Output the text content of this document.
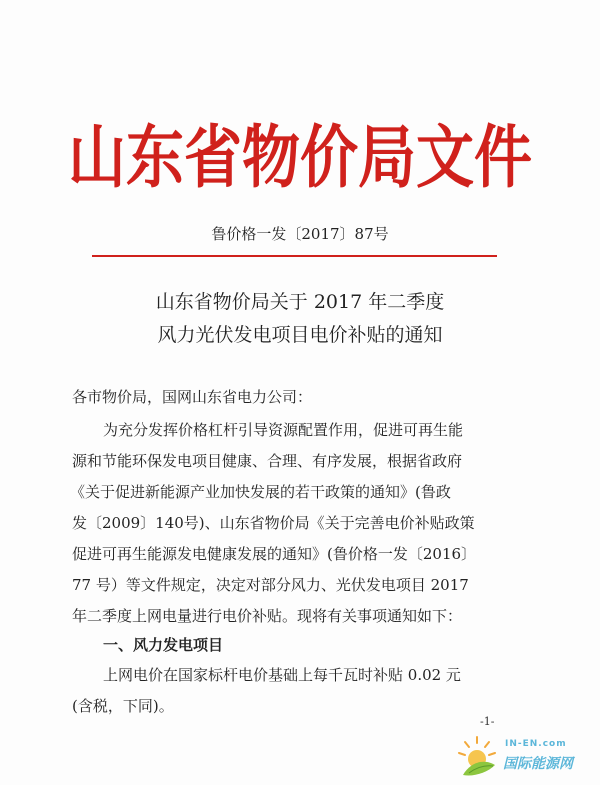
山东省物价局文件
鲁价格一发〔2017〕87号
山东省物价局关于 2017 年二季度
风力光伏发电项目电价补贴的通知
各市物价局，国网山东省电力公司：
为充分发挥价格杠杆引导资源配置作用，促进可再生能
源和节能环保发电项目健康、合理、有序发展，根据省政府
《关于促进新能源产业加快发展的若干政策的通知》(鲁政
发〔2009〕140号)、山东省物价局《关于完善电价补贴政策
促进可再生能源发电健康发展的通知》(鲁价格一发〔2016〕
77 号）等文件规定，决定对部分风力、光伏发电项目 2017
年二季度上网电量进行电价补贴。现将有关事项通知如下：
一、风力发电项目
上网电价在国家标杆电价基础上每千瓦时补贴 0.02 元
(含税，下同)。
-1-
IN-EN.com
国际能源网
